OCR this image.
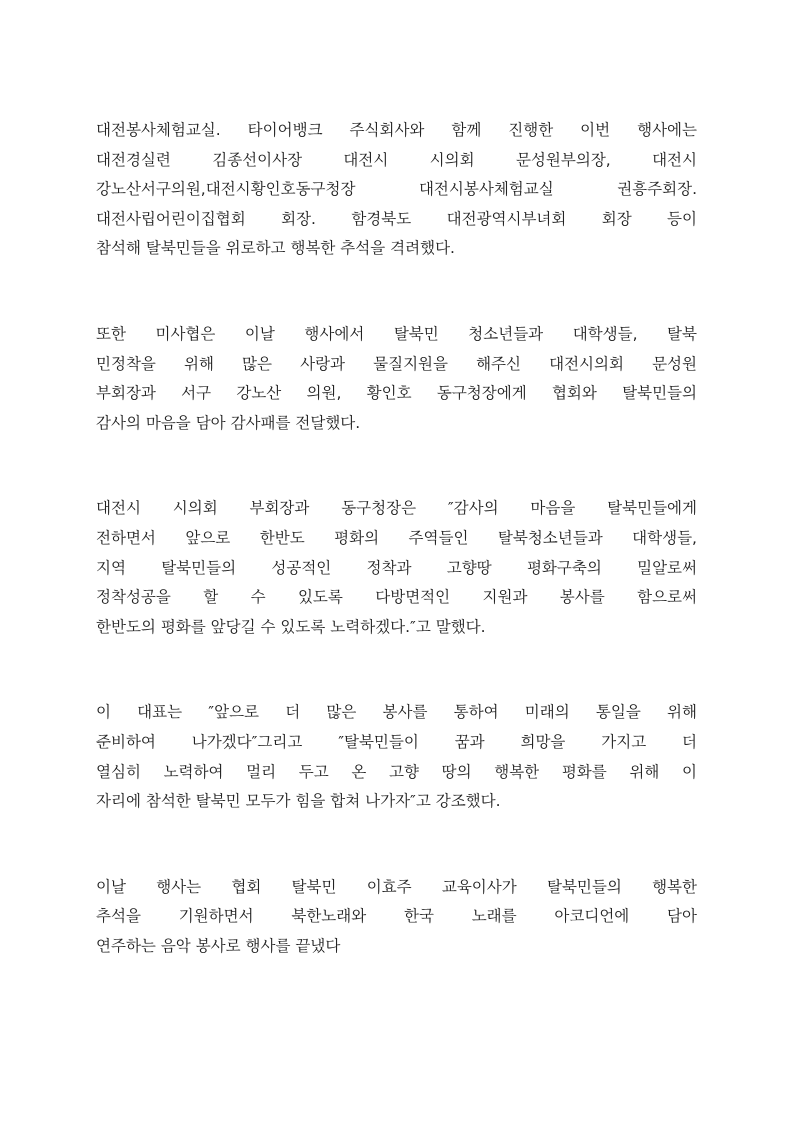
대전봉사체험교실. 타이어뱅크 주식회사와 함께 진행한 이번 행사에는
대전경실련 김종선이사장 대전시 시의회 문성원부의장, 대전시
강노산서구의원,대전시황인호동구청장 대전시봉사체험교실 권흥주회장.
대전사립어린이집협회 회장. 함경북도 대전광역시부녀회 회장 등이
참석해 탈북민들을 위로하고 행복한 추석을 격려했다.

또한 미사협은 이날 행사에서 탈북민 청소년들과 대학생들, 탈북
민정착을 위해 많은 사랑과 물질지원을 해주신 대전시의회 문성원
부회장과 서구 강노산 의원, 황인호 동구청장에게 협회와 탈북민들의
감사의 마음을 담아 감사패를 전달했다.

대전시 시의회 부회장과 동구청장은 ″감사의 마음을 탈북민들에게
전하면서 앞으로 한반도 평화의 주역들인 탈북청소년들과 대학생들,
지역 탈북민들의 성공적인 정착과 고향땅 평화구축의 밀알로써
정착성공을 할 수 있도록 다방면적인 지원과 봉사를 함으로써
한반도의 평화를 앞당길 수 있도록 노력하겠다.″고 말했다.

이 대표는 ″앞으로 더 많은 봉사를 통하여 미래의 통일을 위해
준비하여 나가겠다″그리고 ″탈북민들이 꿈과 희망을 가지고 더
열심히 노력하여 멀리 두고 온 고향 땅의 행복한 평화를 위해 이
자리에 참석한 탈북민 모두가 힘을 합쳐 나가자″고 강조했다.

이날 행사는 협회 탈북민 이효주 교육이사가 탈북민들의 행복한
추석을 기원하면서 북한노래와 한국 노래를 아코디언에 담아
연주하는 음악 봉사로 행사를 끝냈다
